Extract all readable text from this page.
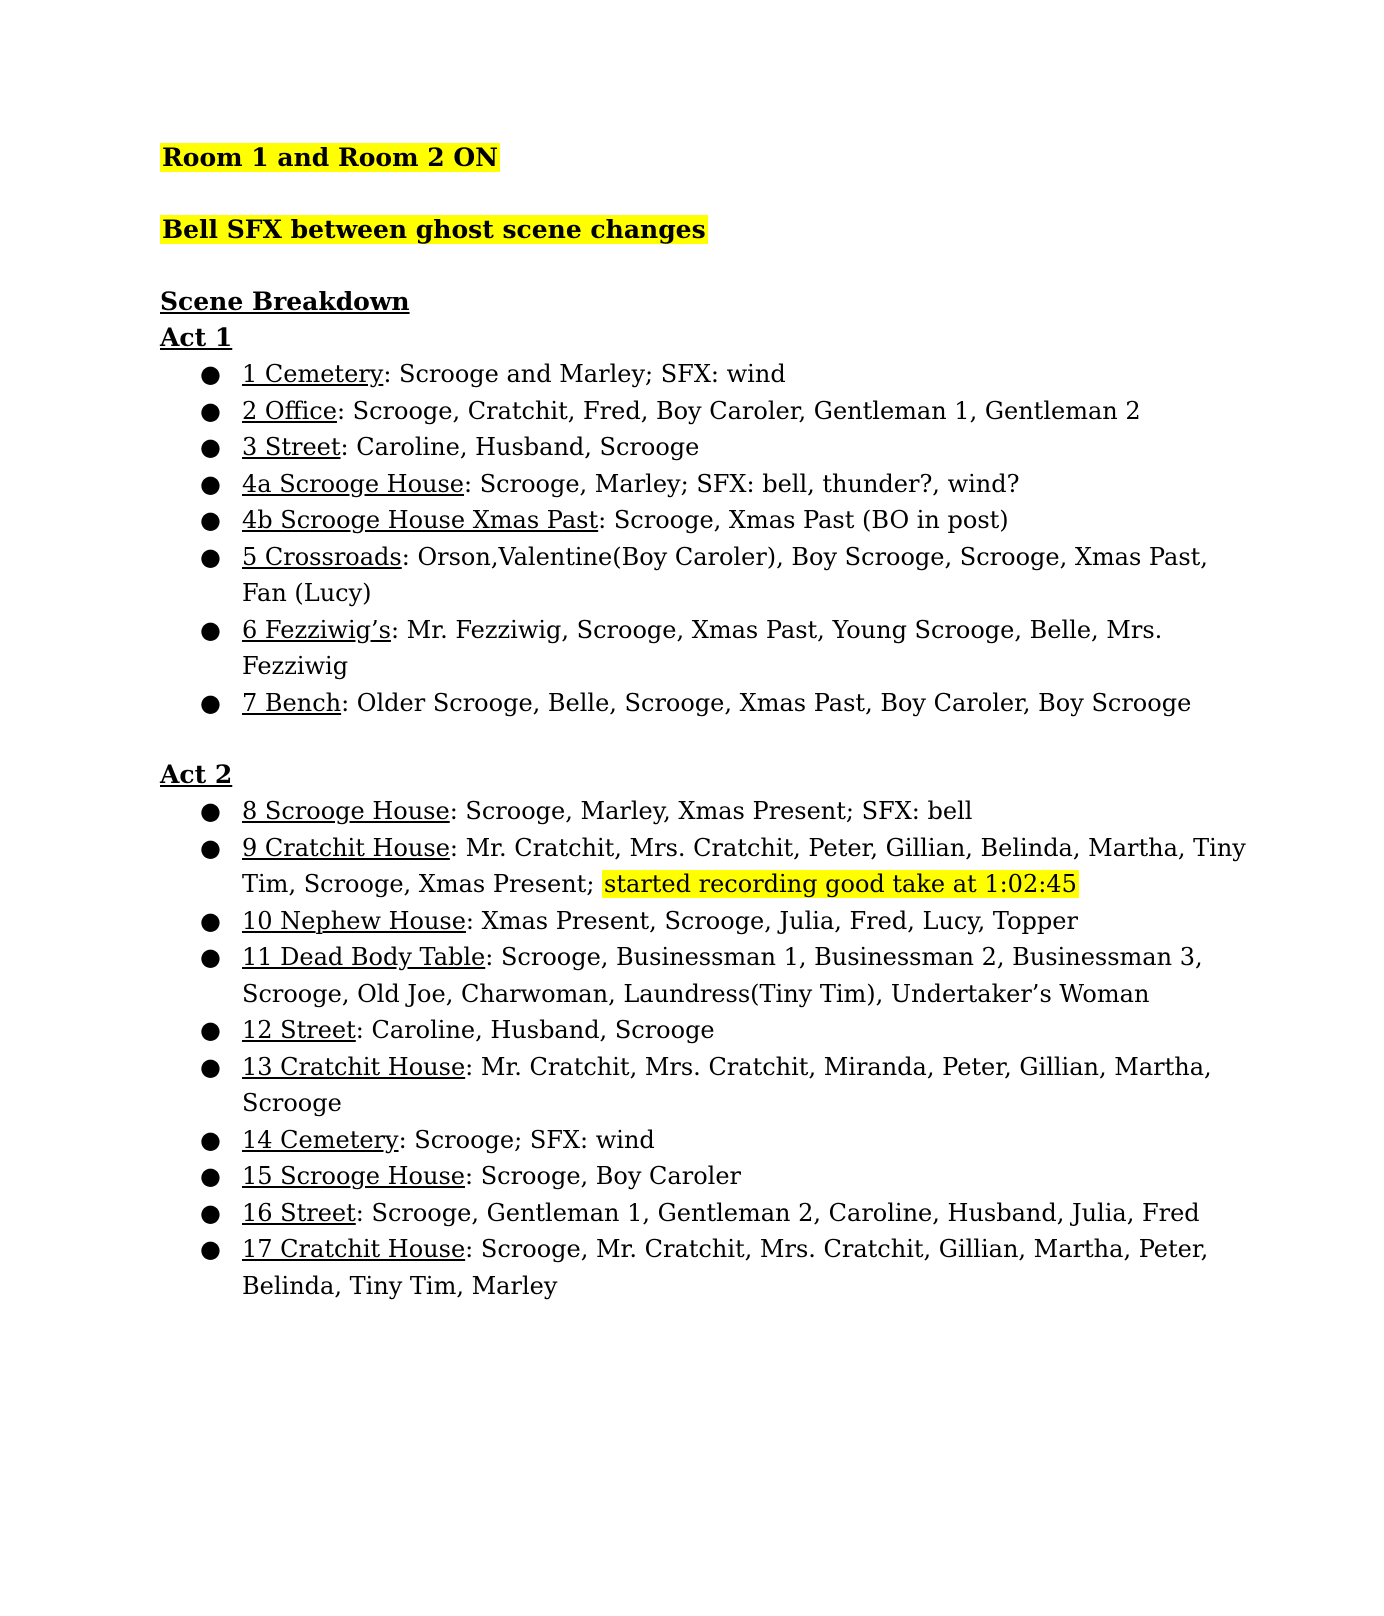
Room 1 and Room 2 ON

Bell SFX between ghost scene changes

Scene Breakdown

Act 1

● 1 Cemetery: Scroogе and Marley; SFX: wind
● 2 Office: Scrooge, Cratchit, Fred, Boy Caroler, Gentleman 1, Gentleman 2
● 3 Street: Caroline, Husband, Scrooge
● 4a Scrooge House: Scrooge, Marley; SFX: bell, thunder?, wind?
● 4b Scrooge House Xmas Past: Scrooge, Xmas Past (BO in post)
● 5 Crossroads: Orson,Valentine(Boy Caroler), Boy Scrooge, Scrooge, Xmas Past, Fan (Lucy)
● 6 Fezziwig’s: Mr. Fezziwig, Scrooge, Xmas Past, Young Scrooge, Belle, Mrs. Fezziwig
● 7 Bench: Older Scrooge, Belle, Scrooge, Xmas Past, Boy Caroler, Boy Scrooge

Act 2

● 8 Scrooge House: Scrooge, Marley, Xmas Present; SFX: bell
● 9 Cratchit House: Mr. Cratchit, Mrs. Cratchit, Peter, Gillian, Belinda, Martha, Tiny Tim, Scrooge, Xmas Present; started recording good take at 1:02:45
● 10 Nephew House: Xmas Present, Scrooge, Julia, Fred, Lucy, Topper
● 11 Dead Body Table: Scrooge, Businessman 1, Businessman 2, Businessman 3, Scrooge, Old Joe, Charwoman, Laundress(Tiny Tim), Undertaker’s Woman
● 12 Street: Caroline, Husband, Scrooge
● 13 Cratchit House: Mr. Cratchit, Mrs. Cratchit, Miranda, Peter, Gillian, Martha, Scrooge
● 14 Cemetery: Scrooge; SFX: wind
● 15 Scrooge House: Scrooge, Boy Caroler
● 16 Street: Scrooge, Gentleman 1, Gentleman 2, Caroline, Husband, Julia, Fred
● 17 Cratchit House: Scrooge, Mr. Cratchit, Mrs. Cratchit, Gillian, Martha, Peter, Belinda, Tiny Tim, Marley
